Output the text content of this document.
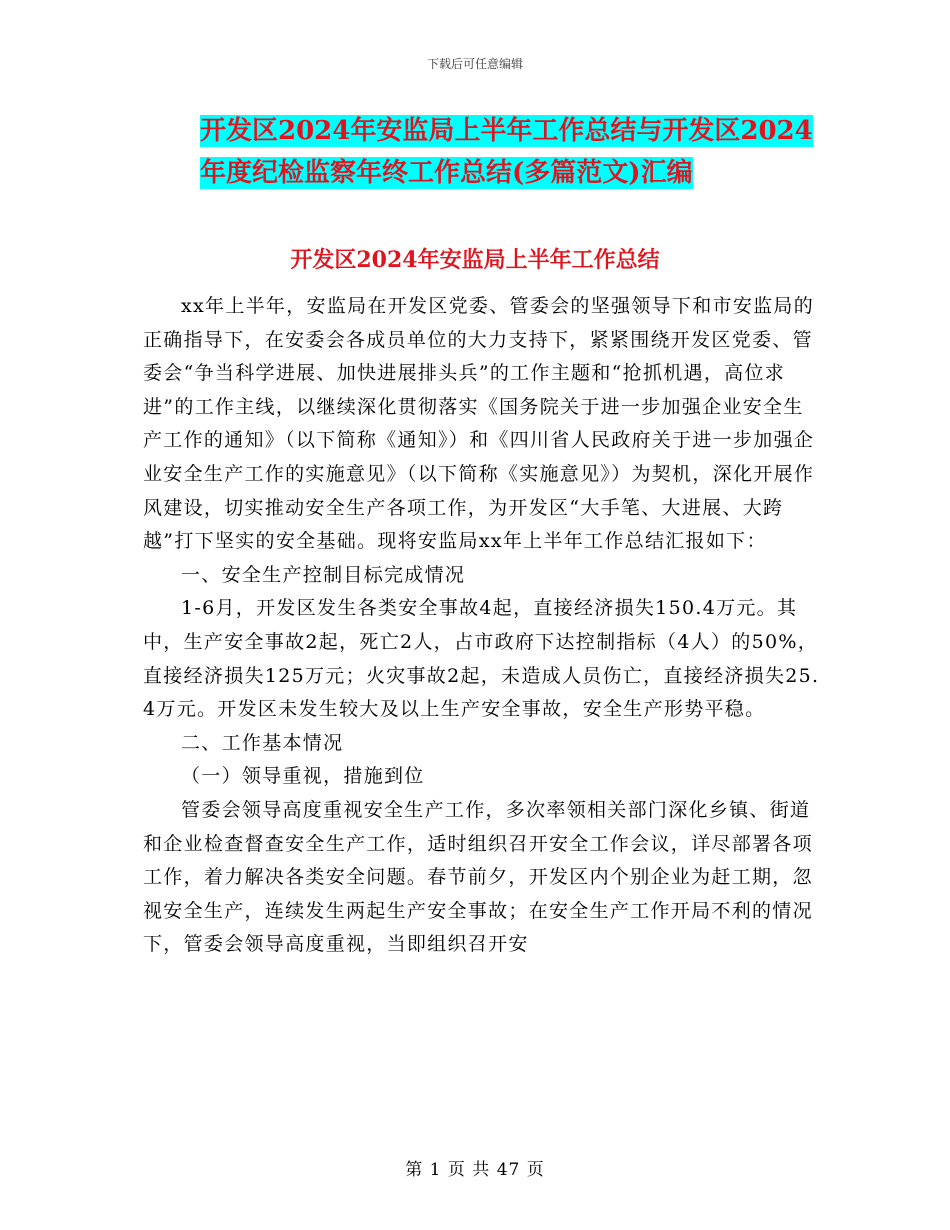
下载后可任意编辑
开发区2024年安监局上半年工作总结与开发区2024
年度纪检监察年终工作总结(多篇范文)汇编
开发区2024年安监局上半年工作总结

xx年上半年，安监局在开发区党委、管委会的坚强领导下和市安监局的正确指导下，在安委会各成员单位的大力支持下，紧紧围绕开发区党委、管委会“争当科学进展、加快进展排头兵”的工作主题和“抢抓机遇，高位求进”的工作主线，以继续深化贯彻落实《国务院关于进一步加强企业安全生产工作的通知》（以下简称《通知》）和《四川省人民政府关于进一步加强企业安全生产工作的实施意见》（以下简称《实施意见》）为契机，深化开展作风建设，切实推动安全生产各项工作，为开发区“大手笔、大进展、大跨越”打下坚实的安全基础。现将安监局xx年上半年工作总结汇报如下：

一、安全生产控制目标完成情况

1-6月，开发区发生各类安全事故4起，直接经济损失150.4万元。其中，生产安全事故2起，死亡2人，占市政府下达控制指标（4人）的50%，直接经济损失125万元；火灾事故2起，未造成人员伤亡，直接经济损失25.4万元。开发区未发生较大及以上生产安全事故，安全生产形势平稳。

二、工作基本情况

（一）领导重视，措施到位

管委会领导高度重视安全生产工作，多次率领相关部门深化乡镇、街道和企业检查督查安全生产工作，适时组织召开安全工作会议，详尽部署各项工作，着力解决各类安全问题。春节前夕，开发区内个别企业为赶工期，忽视安全生产，连续发生两起生产安全事故；在安全生产工作开局不利的情况下，管委会领导高度重视，当即组织召开安

第 1 页 共 47 页
